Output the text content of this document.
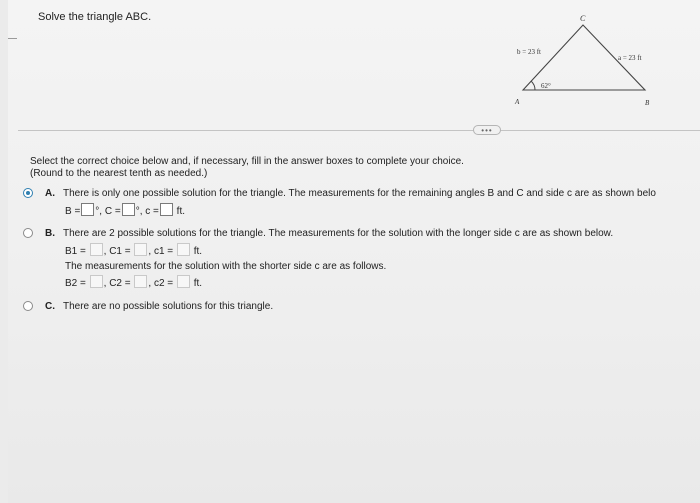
Solve the triangle ABC.	C
A	B
b = 23 ft
a = 23 ft
62°
•••
Select the correct choice below and, if necessary, fill in the answer boxes to complete your choice.
(Round to the nearest tenth as needed.)
A. There is only one possible solution for the triangle. The measurements for the remaining angles B and C and side c are as shown belo
B = °, C = °, c = ft.
B. There are 2 possible solutions for the triangle. The measurements for the solution with the longer side c are as shown below.
B1 = , C1 = , c1 = ft.
The measurements for the solution with the shorter side c are as follows.
B2 = , C2 = , c2 = ft.
C. There are no possible solutions for this triangle.
